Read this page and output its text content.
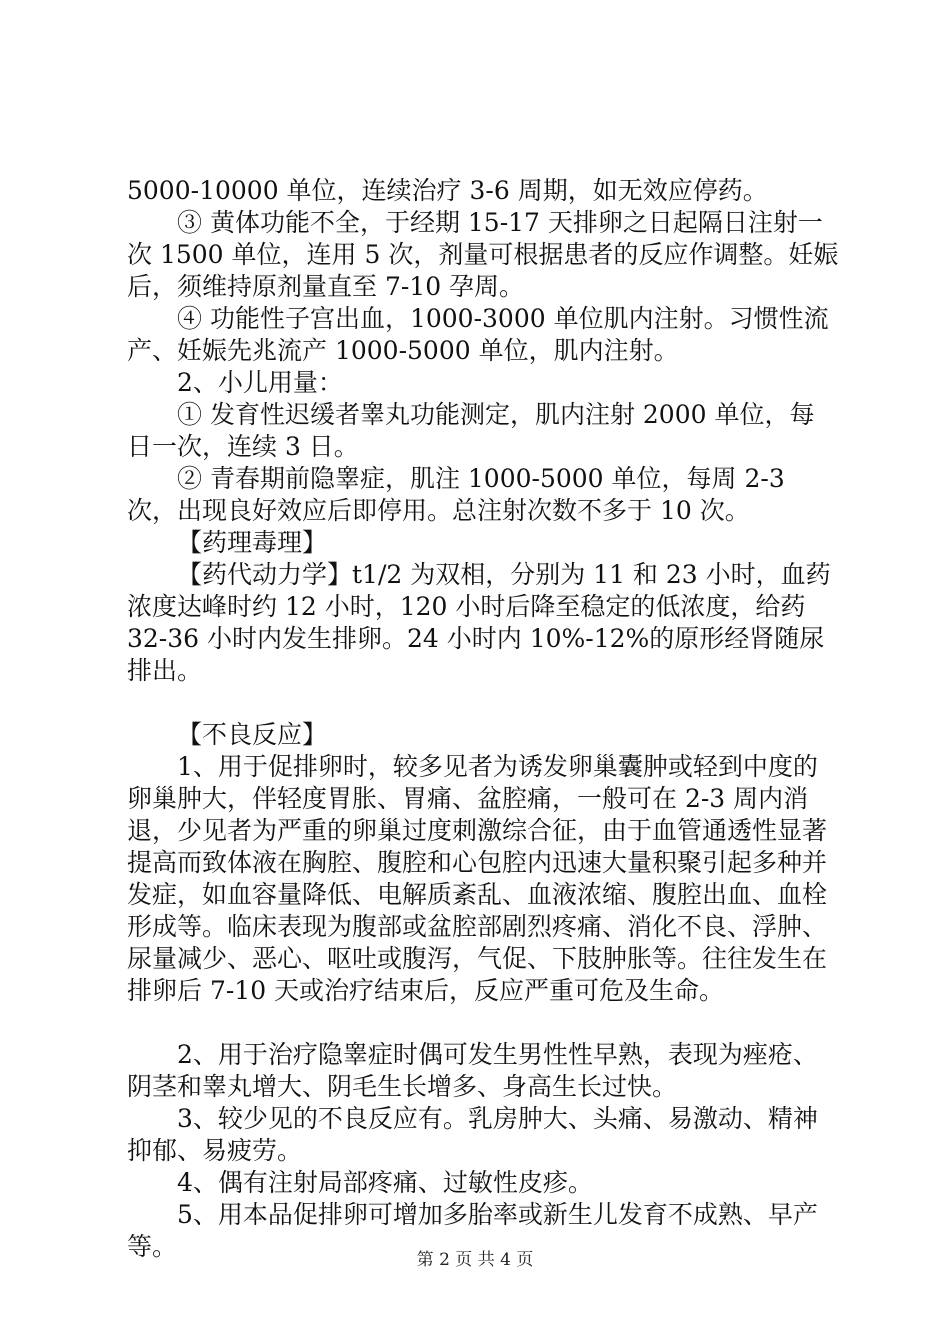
5000-10000 单位，连续治疗 3-6 周期，如无效应停药。

③ 黄体功能不全，于经期 15-17 天排卵之日起隔日注射一次 1500 单位，连用 5 次，剂量可根据患者的反应作调整。妊娠后，须维持原剂量直至 7-10 孕周。

④ 功能性子宫出血，1000-3000 单位肌内注射。习惯性流产、妊娠先兆流产 1000-5000 单位，肌内注射。

2、小儿用量：

① 发育性迟缓者睾丸功能测定，肌内注射 2000 单位，每日一次，连续 3 日。

② 青春期前隐睾症，肌注 1000-5000 单位，每周 2-3 次，出现良好效应后即停用。总注射次数不多于 10 次。

【药理毒理】

【药代动力学】t1/2 为双相，分别为 11 和 23 小时，血药浓度达峰时约 12 小时，120 小时后降至稳定的低浓度，给药 32-36 小时内发生排卵。24 小时内 10%-12%的原形经肾随尿排出。

【不良反应】

1、用于促排卵时，较多见者为诱发卵巢囊肿或轻到中度的卵巢肿大，伴轻度胃胀、胃痛、盆腔痛，一般可在 2-3 周内消退，少见者为严重的卵巢过度刺激综合征，由于血管通透性显著提高而致体液在胸腔、腹腔和心包腔内迅速大量积聚引起多种并发症，如血容量降低、电解质紊乱、血液浓缩、腹腔出血、血栓形成等。临床表现为腹部或盆腔部剧烈疼痛、消化不良、浮肿、尿量减少、恶心、呕吐或腹泻，气促、下肢肿胀等。往往发生在排卵后 7-10 天或治疗结束后，反应严重可危及生命。

2、用于治疗隐睾症时偶可发生男性性早熟，表现为痤疮、阴茎和睾丸增大、阴毛生长增多、身高生长过快。

3、较少见的不良反应有。乳房肿大、头痛、易激动、精神抑郁、易疲劳。

4、偶有注射局部疼痛、过敏性皮疹。

5、用本品促排卵可增加多胎率或新生儿发育不成熟、早产等。	第 2 页 共 4 页
